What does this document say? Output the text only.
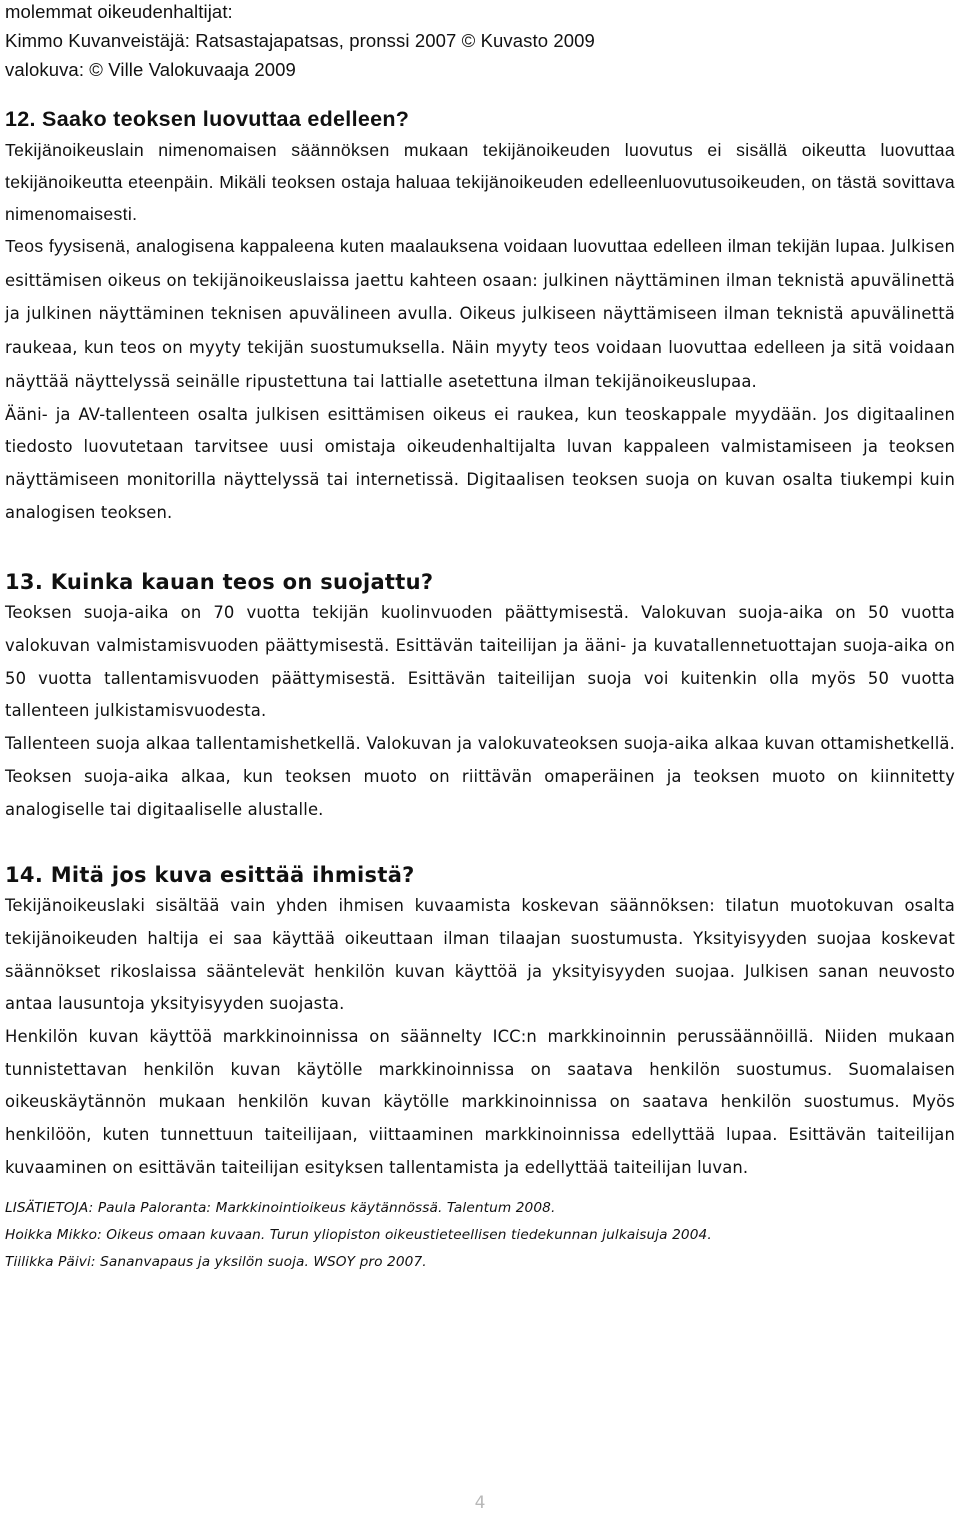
molemmat oikeudenhaltijat:
Kimmo Kuvanveistäjä: Ratsastajapatsas, pronssi 2007 © Kuvasto 2009
valokuva: © Ville Valokuvaaja 2009
12. Saako teoksen luovuttaa edelleen?

Tekijänoikeuslain nimenomaisen säännöksen mukaan tekijänoikeuden luovutus ei sisällä oikeutta luovuttaa tekijänoikeutta eteenpäin. Mikäli teoksen ostaja haluaa tekijänoikeuden edelleenluovutusoikeuden, on tästä sovittava nimenomaisesti.

Teos fyysisenä, analogisena kappaleena kuten maalauksena voidaan luovuttaa edelleen ilman tekijän lupaa. Julkisen esittämisen oikeus on tekijänoikeuslaissa jaettu kahteen osaan: julkinen näyttäminen ilman teknistä apuvälinettä ja julkinen näyttäminen teknisen apuvälineen avulla. Oikeus julkiseen näyttämiseen ilman teknistä apuvälinettä raukeaa, kun teos on myyty tekijän suostumuksella. Näin myyty teos voidaan luovuttaa edelleen ja sitä voidaan näyttää näyttelyssä seinälle ripustettuna tai lattialle asetettuna ilman tekijänoikeuslupaa.

Ääni- ja AV-tallenteen osalta julkisen esittämisen oikeus ei raukea, kun teoskappale myydään. Jos digitaalinen tiedosto luovutetaan tarvitsee uusi omistaja oikeudenhaltijalta luvan kappaleen valmistamiseen ja teoksen näyttämiseen monitorilla näyttelyssä tai internetissä. Digitaalisen teoksen suoja on kuvan osalta tiukempi kuin analogisen teoksen.

13. Kuinka kauan teos on suojattu?

Teoksen suoja-aika on 70 vuotta tekijän kuolinvuoden päättymisestä. Valokuvan suoja-aika on 50 vuotta valokuvan valmistamisvuoden päättymisestä. Esittävän taiteilijan ja ääni- ja kuvatallennetuottajan suoja-aika on 50 vuotta tallentamisvuoden päättymisestä. Esittävän taiteilijan suoja voi kuitenkin olla myös 50 vuotta tallenteen julkistamisvuodesta.

Tallenteen suoja alkaa tallentamishetkellä. Valokuvan ja valokuvateoksen suoja-aika alkaa kuvan ottamishetkellä. Teoksen suoja-aika alkaa, kun teoksen muoto on riittävän omaperäinen ja teoksen muoto on kiinnitetty analogiselle tai digitaaliselle alustalle.

14. Mitä jos kuva esittää ihmistä?

Tekijänoikeuslaki sisältää vain yhden ihmisen kuvaamista koskevan säännöksen: tilatun muotokuvan osalta tekijänoikeuden haltija ei saa käyttää oikeuttaan ilman tilaajan suostumusta. Yksityisyyden suojaa koskevat säännökset rikoslaissa sääntelevät henkilön kuvan käyttöä ja yksityisyyden suojaa. Julkisen sanan neuvosto antaa lausuntoja yksityisyyden suojasta.

Henkilön kuvan käyttöä markkinoinnissa on säännelty ICC:n markkinoinnin perussäännöillä. Niiden mukaan tunnistettavan henkilön kuvan käytölle markkinoinnissa on saatava henkilön suostumus. Suomalaisen oikeuskäytännön mukaan henkilön kuvan käytölle markkinoinnissa on saatava henkilön suostumus. Myös henkilöön, kuten tunnettuun taiteilijaan, viittaaminen markkinoinnissa edellyttää lupaa. Esittävän taiteilijan kuvaaminen on esittävän taiteilijan esityksen tallentamista ja edellyttää taiteilijan luvan.

LISÄTIETOJA: Paula Paloranta: Markkinointioikeus käytännössä. Talentum 2008.
Hoikka Mikko: Oikeus omaan kuvaan. Turun yliopiston oikeustieteellisen tiedekunnan julkaisuja 2004.
Tiilikka Päivi: Sananvapaus ja yksilön suoja. WSOY pro 2007.
4
